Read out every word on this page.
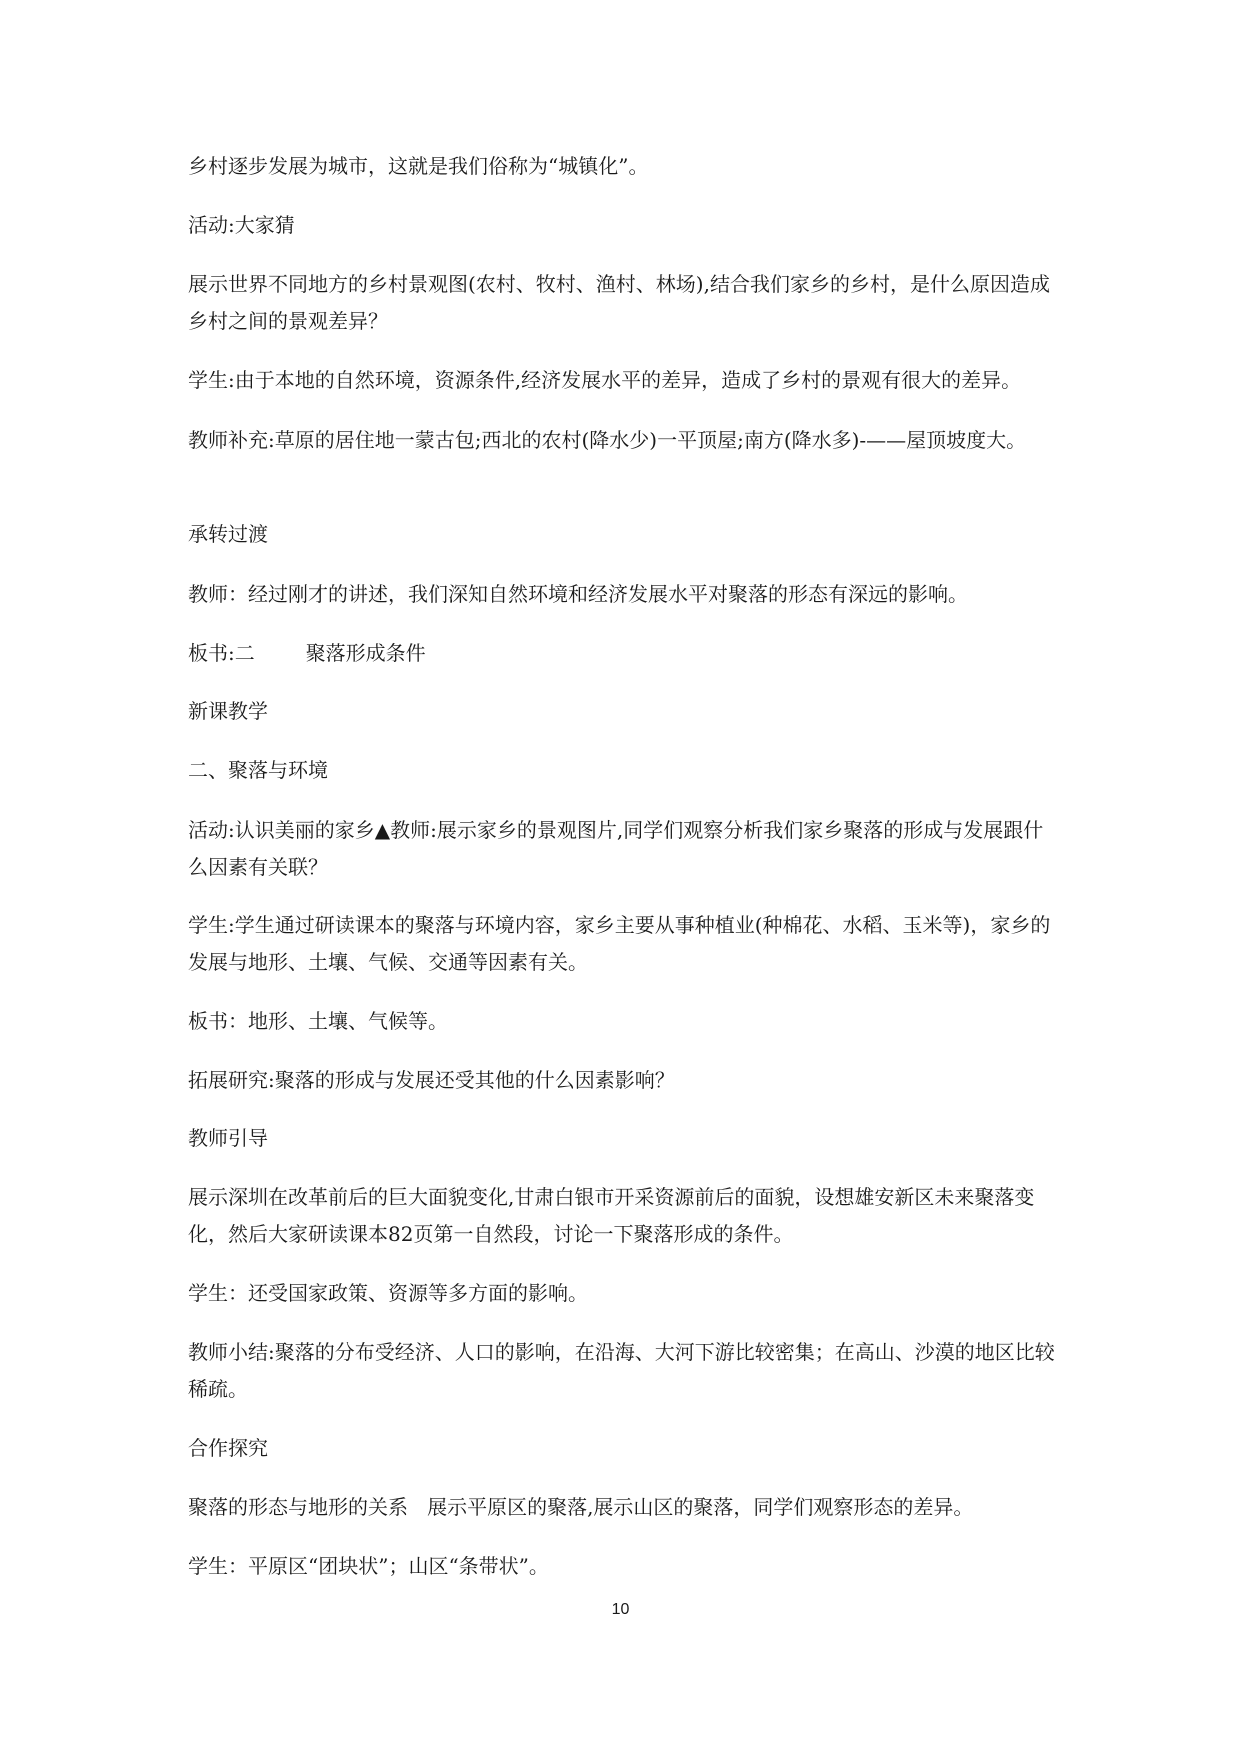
乡村逐步发展为城市，这就是我们俗称为“城镇化”。

活动:大家猜

展示世界不同地方的乡村景观图(农村、牧村、渔村、林场),结合我们家乡的乡村，是什么原因造成乡村之间的景观差异？

学生:由于本地的自然环境，资源条件,经济发展水平的差异，造成了乡村的景观有很大的差异。

教师补充:草原的居住地一蒙古包;西北的农村(降水少)一平顶屋;南方(降水多)-——屋顶坡度大。

承转过渡

教师：经过刚才的讲述，我们深知自然环境和经济发展水平对聚落的形态有深远的影响。

板书:二        聚落形成条件

新课教学

二、聚落与环境

活动:认识美丽的家乡▲教师:展示家乡的景观图片,同学们观察分析我们家乡聚落的形成与发展跟什么因素有关联？

学生:学生通过研读课本的聚落与环境内容，家乡主要从事种植业(种棉花、水稻、玉米等)，家乡的发展与地形、土壤、气候、交通等因素有关。

板书：地形、土壤、气候等。

拓展研究:聚落的形成与发展还受其他的什么因素影响？

教师引导

展示深圳在改革前后的巨大面貌变化,甘肃白银市开采资源前后的面貌，设想雄安新区未来聚落变化，然后大家研读课本82页第一自然段，讨论一下聚落形成的条件。

学生：还受国家政策、资源等多方面的影响。

教师小结:聚落的分布受经济、人口的影响，在沿海、大河下游比较密集；在高山、沙漠的地区比较稀疏。

合作探究

聚落的形态与地形的关系   展示平原区的聚落,展示山区的聚落，同学们观察形态的差异。

学生：平原区“团块状”；山区“条带状”。

10
